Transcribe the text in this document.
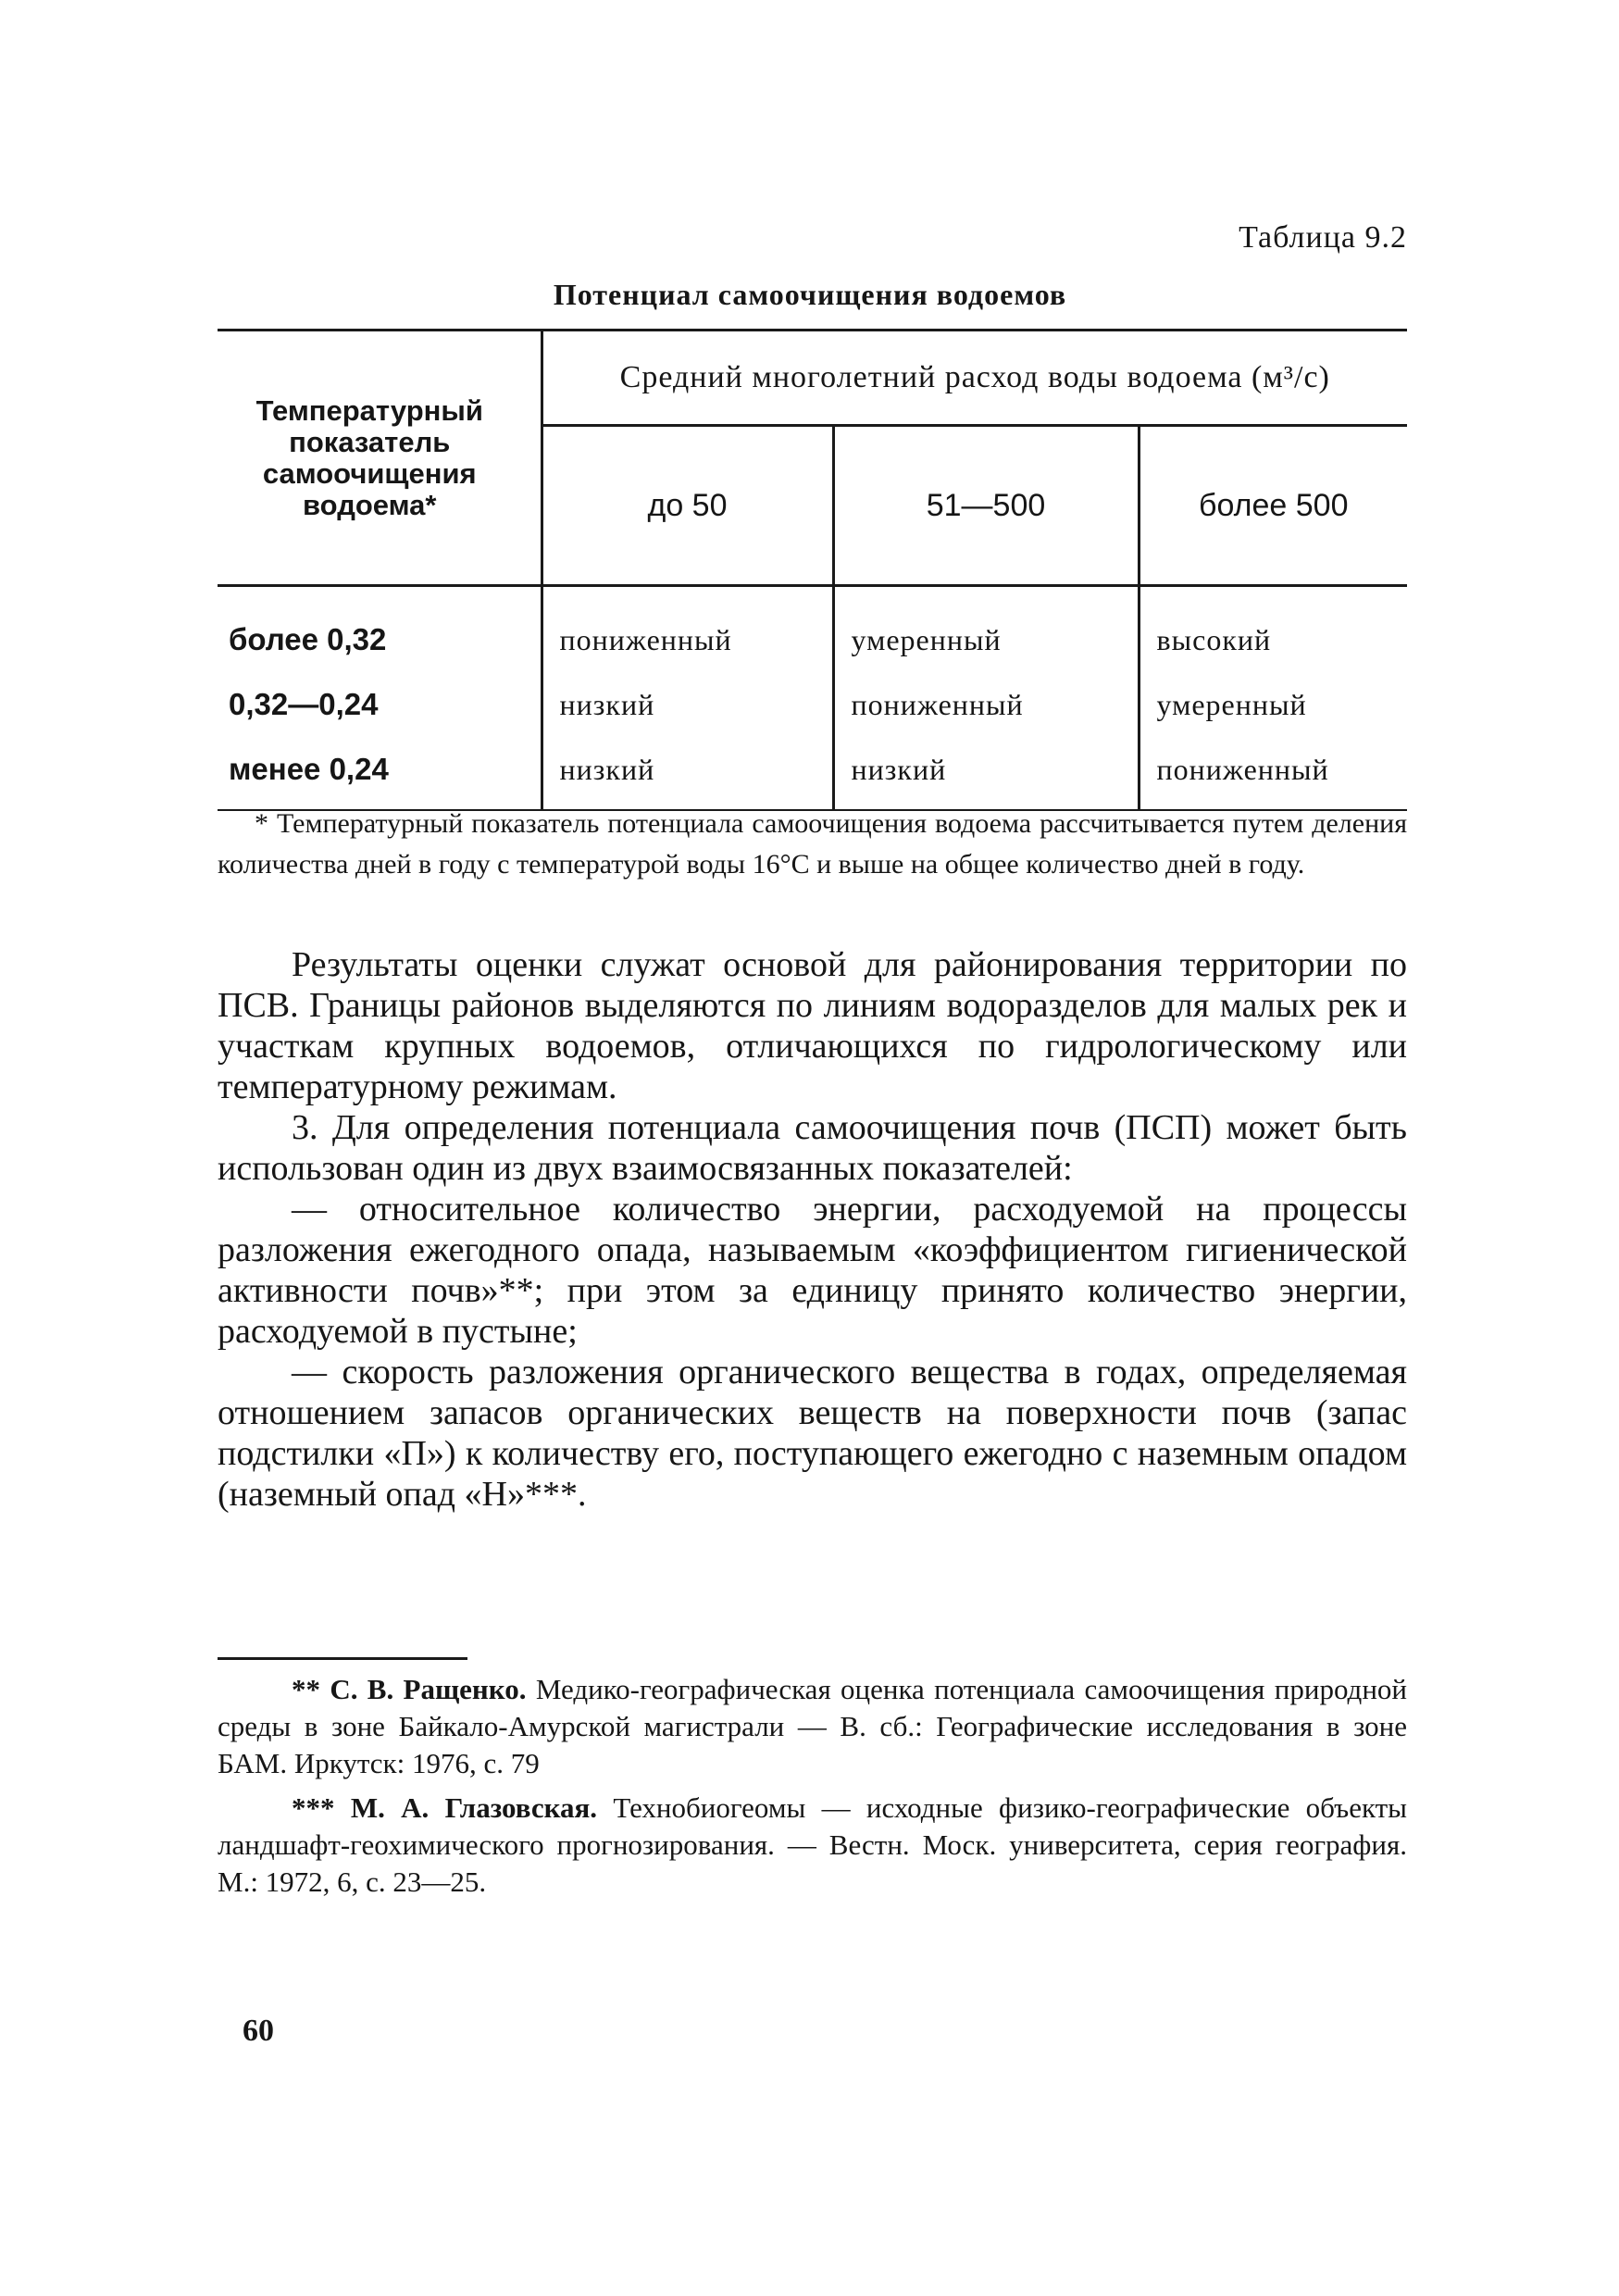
Таблица 9.2
Потенциал самоочищения водоемов
Температурный показатель самоочищения водоема*	Средний многолетний расход воды водоема (м³/с)		
	до 50	51—500	более 500

более 0,32	пониженный	умеренный	высокий
0,32—0,24	низкий	пониженный	умеренный
менее 0,24	низкий	низкий	пониженный
* Температурный показатель потенциала самоочищения водоема рассчитывается путем деления количества дней в году с температурой воды 16°С и выше на общее количество дней в году.

Результаты оценки служат основой для районирования территории по ПСВ. Границы районов выделяются по линиям водоразделов для малых рек и участкам крупных водоемов, отличающихся по гидрологическому или температурному режимам.

3. Для определения потенциала самоочищения почв (ПСП) может быть использован один из двух взаимосвязанных показателей:

— относительное количество энергии, расходуемой на процессы разложения ежегодного опада, называемым «коэффициентом гигиенической активности почв»**; при этом за единицу принято количество энергии, расходуемой в пустыне;

— скорость разложения органического вещества в годах, определяемая отношением запасов органических веществ на поверхности почв (запас подстилки «П») к количеству его, поступающего ежегодно с наземным опадом (наземный опад «Н»***.

** С. В. Ращенко. Медико-географическая оценка потенциала самоочищения природной среды в зоне Байкало-Амурской магистрали — В. сб.: Географические исследования в зоне БАМ. Иркутск: 1976, с. 79

*** М. А. Глазовская. Технобиогеомы — исходные физико-географические объекты ландшафт-геохимического прогнозирования. — Вестн. Моск. университета, серия география. М.: 1972, 6, с. 23—25.

60
